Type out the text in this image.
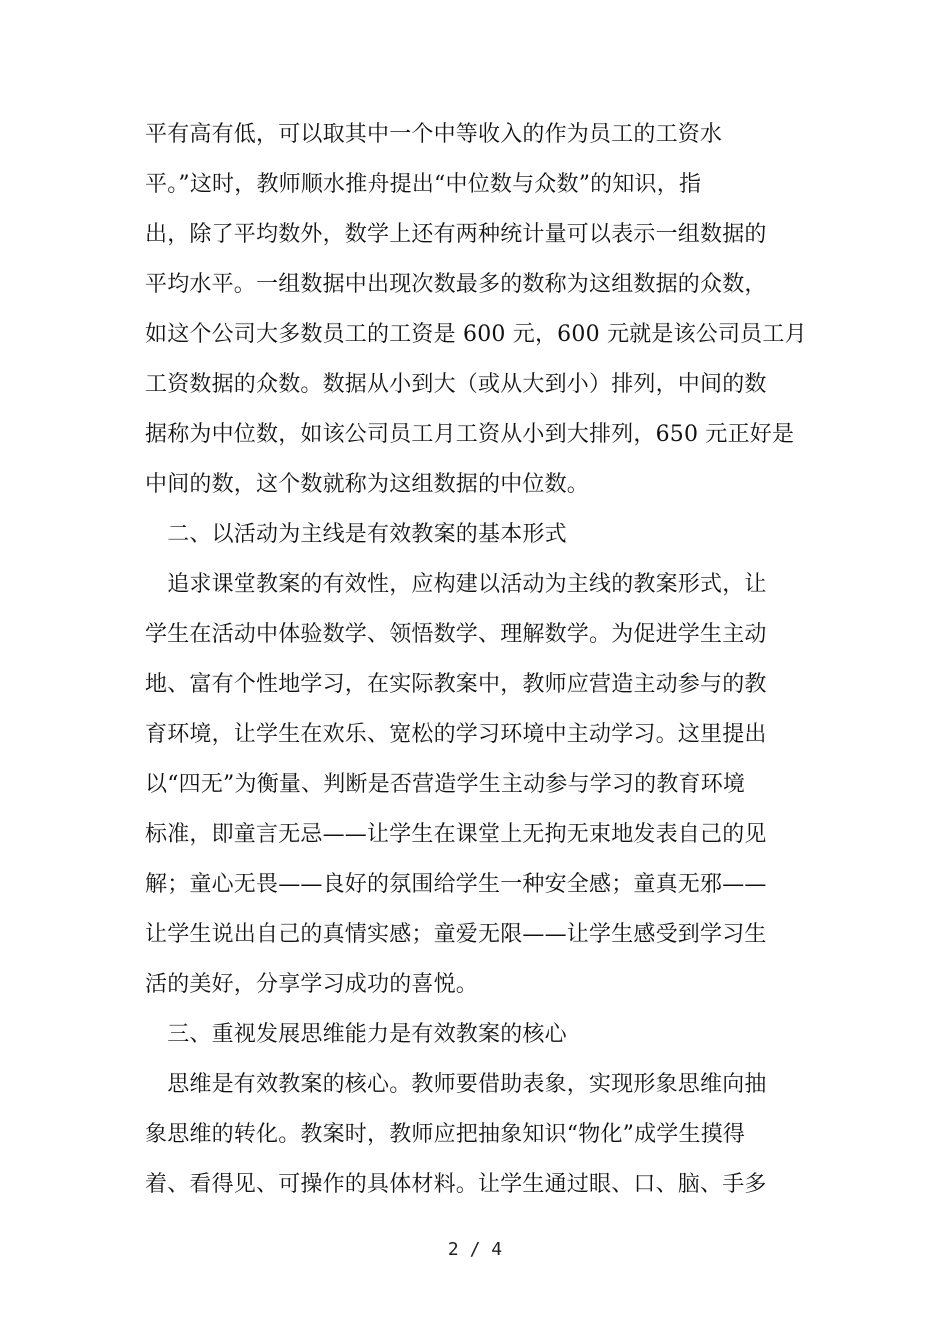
平有高有低，可以取其中一个中等收入的作为员工的工资水
平。”这时，教师顺水推舟提出“中位数与众数”的知识，指
出，除了平均数外，数学上还有两种统计量可以表示一组数据的
平均水平。一组数据中出现次数最多的数称为这组数据的众数，
如这个公司大多数员工的工资是 600 元，600 元就是该公司员工月
工资数据的众数。数据从小到大（或从大到小）排列，中间的数
据称为中位数，如该公司员工月工资从小到大排列，650 元正好是
中间的数，这个数就称为这组数据的中位数。
　二、以活动为主线是有效教案的基本形式
　追求课堂教案的有效性，应构建以活动为主线的教案形式，让
学生在活动中体验数学、领悟数学、理解数学。为促进学生主动
地、富有个性地学习，在实际教案中，教师应营造主动参与的教
育环境，让学生在欢乐、宽松的学习环境中主动学习。这里提出
以“四无”为衡量、判断是否营造学生主动参与学习的教育环境
标准，即童言无忌——让学生在课堂上无拘无束地发表自己的见
解；童心无畏——良好的氛围给学生一种安全感；童真无邪——
让学生说出自己的真情实感；童爱无限——让学生感受到学习生
活的美好，分享学习成功的喜悦。
　三、重视发展思维能力是有效教案的核心
　思维是有效教案的核心。教师要借助表象，实现形象思维向抽
象思维的转化。教案时，教师应把抽象知识“物化”成学生摸得
着、看得见、可操作的具体材料。让学生通过眼、口、脑、手多
2 / 4
